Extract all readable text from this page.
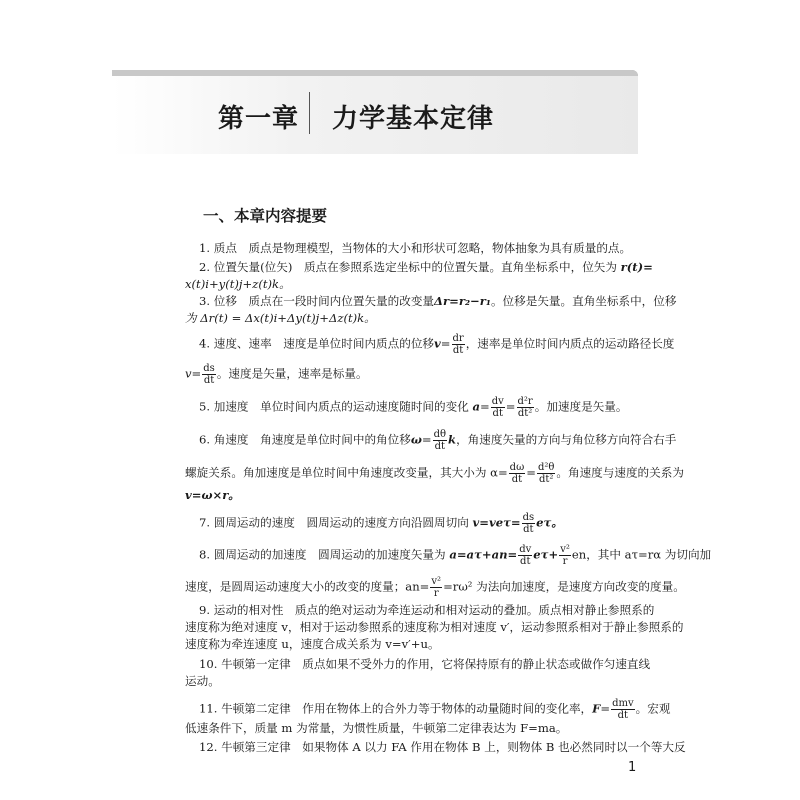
第一章 力学基本定律
一、本章内容提要
1. 质点　质点是物理模型，当物体的大小和形状可忽略，物体抽象为具有质量的点。
2. 位置矢量(位矢)　质点在参照系选定坐标中的位置矢量。直角坐标系中，位矢为 r(t)=
x(t)i+y(t)j+z(t)k。
3. 位移　质点在一段时间内位置矢量的改变量Δr=r₂−r₁。位移是矢量。直角坐标系中，位移
为 Δr(t) = Δx(t)i+Δy(t)j+Δz(t)k。
4. 速度、速率　速度是单位时间内质点的位移$v= \frac{dr}{dt}$ ，速率是单位时间内质点的运动路径长度
$v= \frac{ds}{dt}$ 。速度是矢量，速率是标量。
5. 加速度　单位时间内质点的运动速度随时间的变化 $a= \frac{dv}{dt} = \frac{\text{d²r}}{\text{dt²}}$ 。加速度是矢量。
6. 角速度　角速度是单位时间中的角位移$\omega= \frac{d\theta}{dt}$ k，角速度矢量的方向与角位移方向符合右手
螺旋关系。角加速度是单位时间中角速度改变量，其大小为 $\alpha= \frac{d\omega}{dt} = \frac{\text{d²θ}}{\text{dt²}}$ 。角速度与速度的关系为
v=ω×r。
7. 圆周运动的速度　圆周运动的速度方向沿圆周切向 $v=ve\tau= \frac{ds}{dt}$ eτ。
8. 圆周运动的加速度　圆周运动的加速度矢量为 $a=a\tau+an= \frac{dv}{dt} e\tau+ \frac{\text{v²}}{r}$ en，其中 aτ=rα 为切向加
速度，是圆周运动速度大小的改变的度量；$an= \frac{\text{v²}}{r} =r\omega^2$ 为法向加速度，是速度方向改变的度量。
9. 运动的相对性　质点的绝对运动为牵连运动和相对运动的叠加。质点相对静止参照系的
速度称为绝对速度 v，相对于运动参照系的速度称为相对速度 v′，运动参照系相对于静止参照系的
速度称为牵连速度 u，速度合成关系为 v=v′+u。
10. 牛顿第一定律　质点如果不受外力的作用，它将保持原有的静止状态或做作匀速直线
运动。
11. 牛顿第二定律　作用在物体上的合外力等于物体的动量随时间的变化率，$F= \frac{\text{dmv}}{dt}$ 。宏观
低速条件下，质量 m 为常量，为惯性质量，牛顿第二定律表达为 F=ma。
12. 牛顿第三定律　如果物体 A 以力 FA 作用在物体 B 上，则物体 B 也必然同时以一个等大反
1
